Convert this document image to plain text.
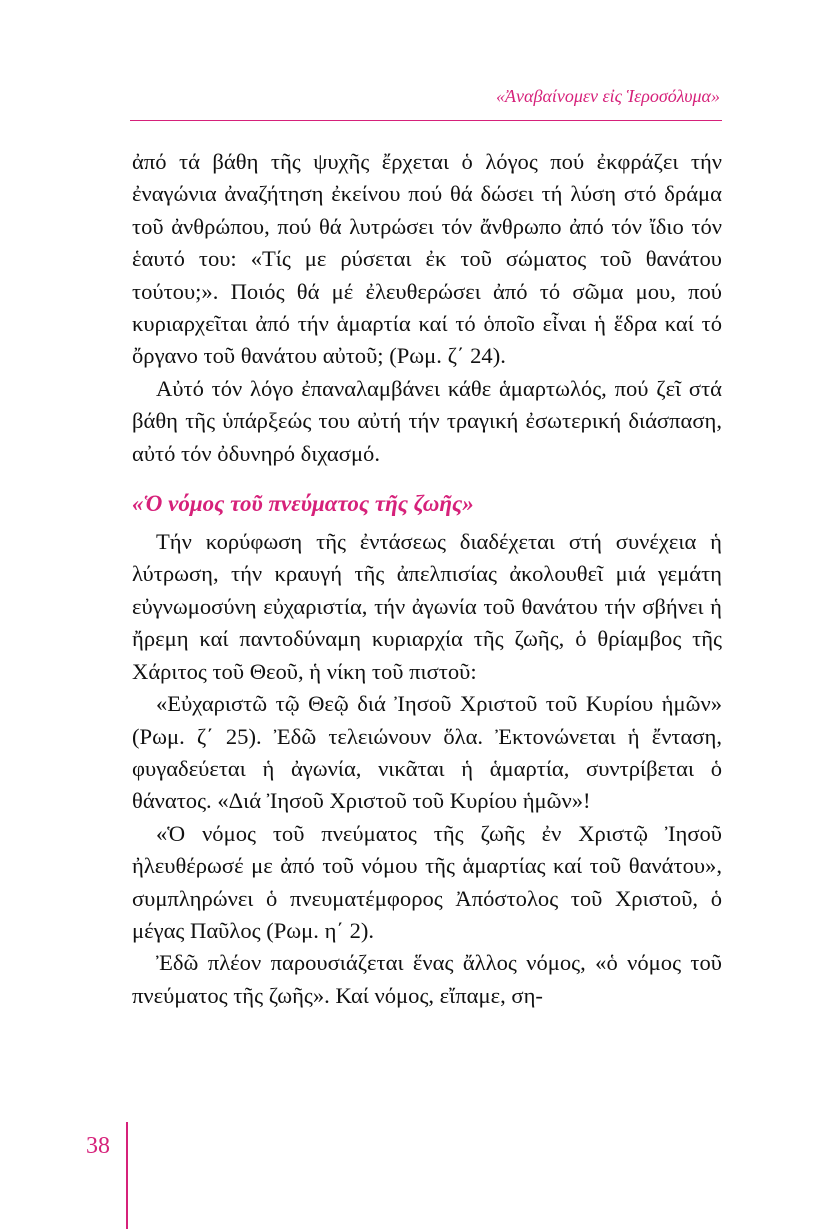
«Ἀναβαίνομεν εἰς Ἱεροσόλυμα»

ἀπό τά βάθη τῆς ψυχῆς ἔρχεται ὁ λόγος πού ἐκφράζει τήν ἐναγώνια ἀναζήτηση ἐκείνου πού θά δώσει τή λύση στό δράμα τοῦ ἀνθρώπου, πού θά λυτρώσει τόν ἄνθρωπο ἀπό τόν ἴδιο τόν ἑαυτό του: «Τίς με ρύσεται ἐκ τοῦ σώματος τοῦ θανάτου τούτου;». Ποιός θά μέ ἐλευθερώσει ἀπό τό σῶμα μου, πού κυριαρχεῖται ἀπό τήν ἁμαρτία καί τό ὁποῖο εἶναι ἡ ἕδρα καί τό ὄργανο τοῦ θανάτου αὐτοῦ; (Ρωμ. ζ΄ 24).

Αὐτό τόν λόγο ἐπαναλαμβάνει κάθε ἁμαρτωλός, πού ζεῖ στά βάθη τῆς ὑπάρξεώς του αὐτή τήν τραγική ἐσωτερική διάσπαση, αὐτό τόν ὀδυνηρό διχασμό.

«Ὁ νόμος τοῦ πνεύματος τῆς ζωῆς»

Τήν κορύφωση τῆς ἐντάσεως διαδέχεται στή συνέχεια ἡ λύτρωση, τήν κραυγή τῆς ἀπελπισίας ἀκολουθεῖ μιά γεμάτη εὐγνωμοσύνη εὐχαριστία, τήν ἀγωνία τοῦ θανάτου τήν σβήνει ἡ ἤρεμη καί παντοδύναμη κυριαρχία τῆς ζωῆς, ὁ θρίαμβος τῆς Χάριτος τοῦ Θεοῦ, ἡ νίκη τοῦ πιστοῦ:

«Εὐχαριστῶ τῷ Θεῷ διά Ἰησοῦ Χριστοῦ τοῦ Κυρίου ἡμῶν» (Ρωμ. ζ΄ 25). Ἐδῶ τελειώνουν ὅλα. Ἐκτονώνεται ἡ ἔνταση, φυγαδεύεται ἡ ἀγωνία, νικᾶται ἡ ἁμαρτία, συντρίβεται ὁ θάνατος. «Διά Ἰησοῦ Χριστοῦ τοῦ Κυρίου ἡμῶν»!

«Ὁ νόμος τοῦ πνεύματος τῆς ζωῆς ἐν Χριστῷ Ἰησοῦ ἠλευθέρωσέ με ἀπό τοῦ νόμου τῆς ἁμαρτίας καί τοῦ θανάτου», συμπληρώνει ὁ πνευματέμφορος Ἀπόστολος τοῦ Χριστοῦ, ὁ μέγας Παῦλος (Ρωμ. η΄ 2).

Ἐδῶ πλέον παρουσιάζεται ἕνας ἄλλος νόμος, «ὁ νόμος τοῦ πνεύματος τῆς ζωῆς». Καί νόμος, εἴπαμε, ση-

38
